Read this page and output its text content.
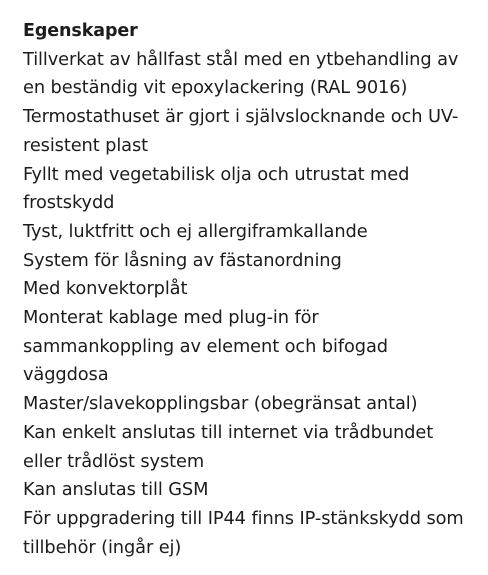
Egenskaper
Tillverkat av hållfast stål med en ytbehandling av en beständig vit epoxylackering (RAL 9016)
Termostathuset är gjort i självslocknande och UV-resistent plast
Fyllt med vegetabilisk olja och utrustat med frostskydd
Tyst, luktfritt och ej allergiframkallande
System för låsning av fästanordning
Med konvektorplåt
Monterat kablage med plug-in för sammankoppling av element och bifogad väggdosa
Master/slavekopplingsbar (obegränsat antal)
Kan enkelt anslutas till internet via trådbundet eller trådlöst system
Kan anslutas till GSM
För uppgradering till IP44 finns IP-stänkskydd som tillbehör (ingår ej)
